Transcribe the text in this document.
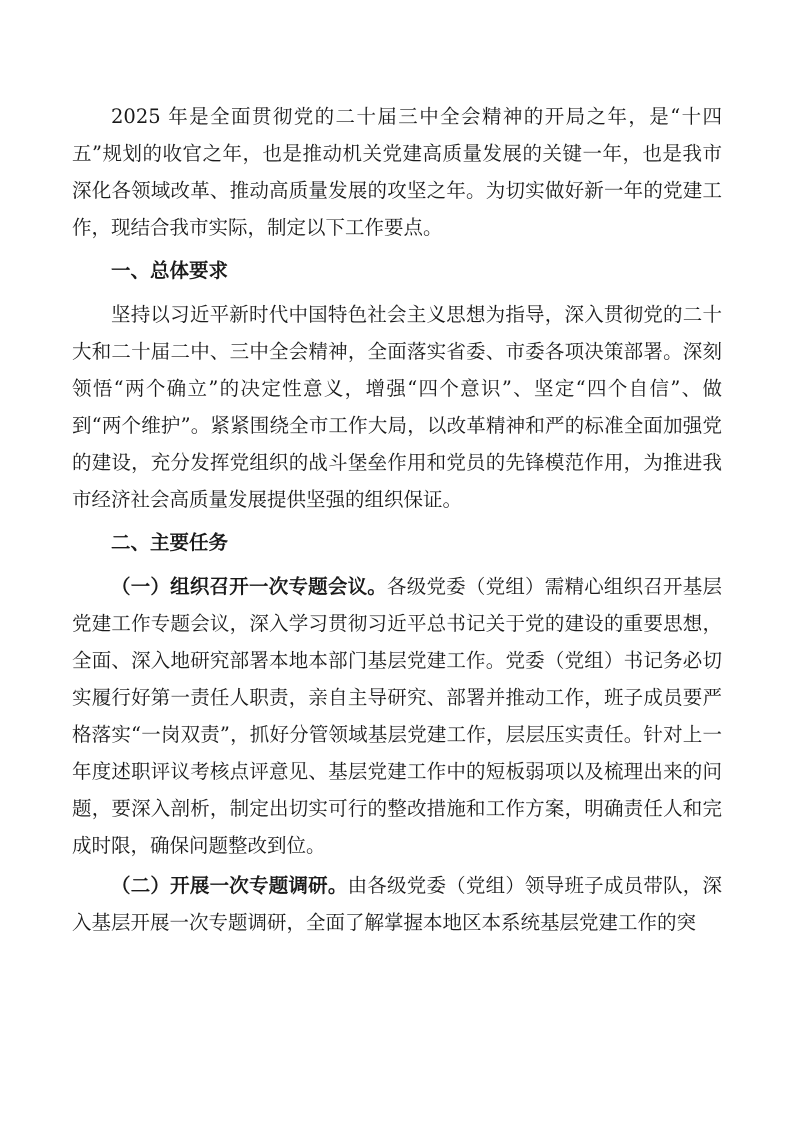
2025 年是全面贯彻党的二十届三中全会精神的开局之年，是“十四五”规划的收官之年，也是推动机关党建高质量发展的关键一年，也是我市深化各领域改革、推动高质量发展的攻坚之年。为切实做好新一年的党建工作，现结合我市实际，制定以下工作要点。

一、总体要求

坚持以习近平新时代中国特色社会主义思想为指导，深入贯彻党的二十大和二十届二中、三中全会精神，全面落实省委、市委各项决策部署。深刻领悟“两个确立”的决定性意义，增强“四个意识”、坚定“四个自信”、做到“两个维护”。紧紧围绕全市工作大局，以改革精神和严的标准全面加强党的建设，充分发挥党组织的战斗堡垒作用和党员的先锋模范作用，为推进我市经济社会高质量发展提供坚强的组织保证。

二、主要任务

（一）组织召开一次专题会议。各级党委（党组）需精心组织召开基层党建工作专题会议，深入学习贯彻习近平总书记关于党的建设的重要思想，全面、深入地研究部署本地本部门基层党建工作。党委（党组）书记务必切实履行好第一责任人职责，亲自主导研究、部署并推动工作，班子成员要严格落实“一岗双责”，抓好分管领域基层党建工作，层层压实责任。针对上一年度述职评议考核点评意见、基层党建工作中的短板弱项以及梳理出来的问题，要深入剖析，制定出切实可行的整改措施和工作方案，明确责任人和完成时限，确保问题整改到位。

（二）开展一次专题调研。由各级党委（党组）领导班子成员带队，深入基层开展一次专题调研，全面了解掌握本地区本系统基层党建工作的突
